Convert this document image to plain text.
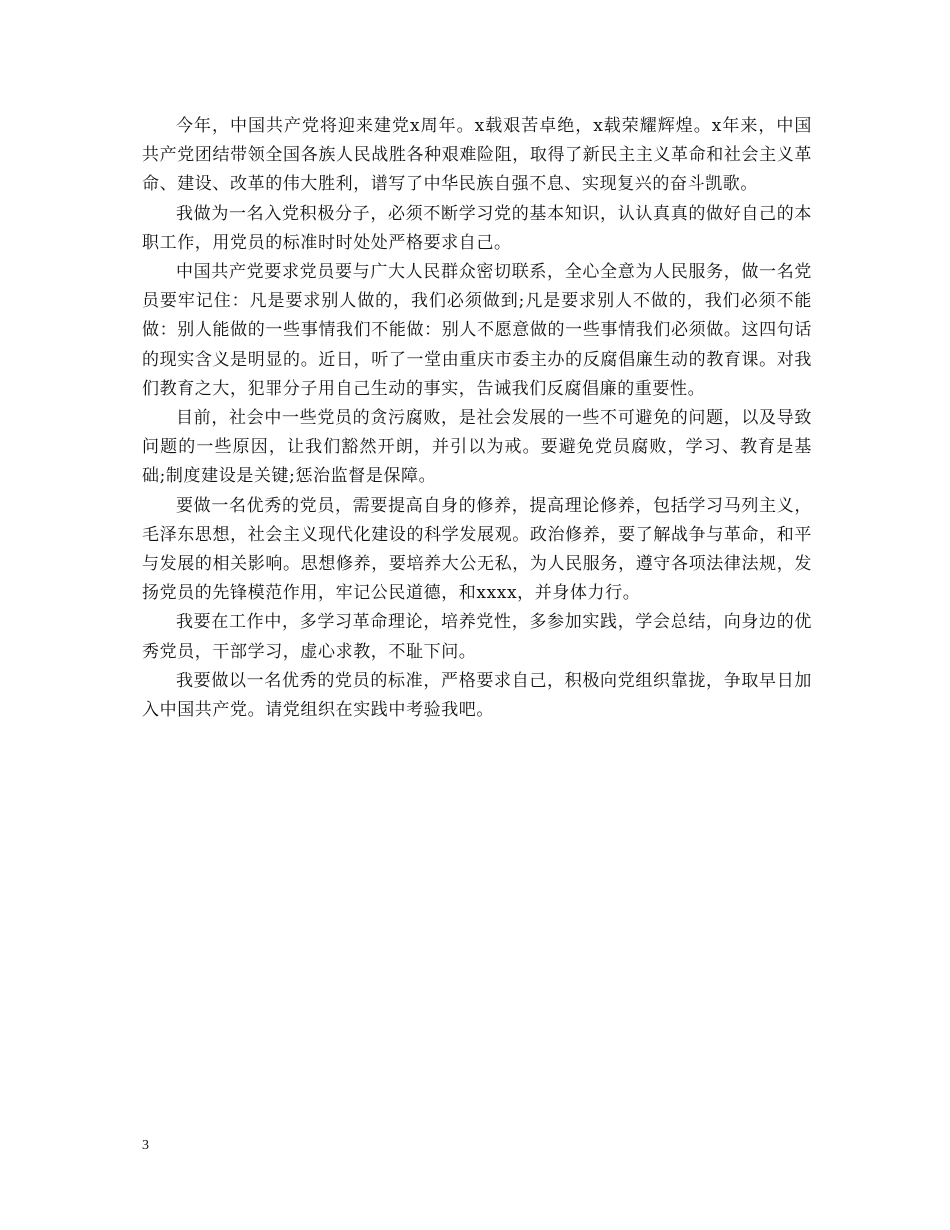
今年，中国共产党将迎来建党x周年。x载艰苦卓绝，x载荣耀辉煌。x年来，中国共产党团结带领全国各族人民战胜各种艰难险阻，取得了新民主主义革命和社会主义革命、建设、改革的伟大胜利，谱写了中华民族自强不息、实现复兴的奋斗凯歌。

我做为一名入党积极分子，必须不断学习党的基本知识，认认真真的做好自己的本职工作，用党员的标准时时处处严格要求自己。

中国共产党要求党员要与广大人民群众密切联系，全心全意为人民服务，做一名党员要牢记住：凡是要求别人做的，我们必须做到;凡是要求别人不做的，我们必须不能做：别人能做的一些事情我们不能做：别人不愿意做的一些事情我们必须做。这四句话的现实含义是明显的。近日，听了一堂由重庆市委主办的反腐倡廉生动的教育课。对我们教育之大，犯罪分子用自己生动的事实，告诫我们反腐倡廉的重要性。

目前，社会中一些党员的贪污腐败，是社会发展的一些不可避免的问题，以及导致问题的一些原因，让我们豁然开朗，并引以为戒。要避免党员腐败，学习、教育是基础;制度建设是关键;惩治监督是保障。

要做一名优秀的党员，需要提高自身的修养，提高理论修养，包括学习马列主义，毛泽东思想，社会主义现代化建设的科学发展观。政治修养，要了解战争与革命，和平与发展的相关影响。思想修养，要培养大公无私，为人民服务，遵守各项法律法规，发扬党员的先锋模范作用，牢记公民道德，和xxxx，并身体力行。

我要在工作中，多学习革命理论，培养党性，多参加实践，学会总结，向身边的优秀党员，干部学习，虚心求教，不耻下问。

我要做以一名优秀的党员的标准，严格要求自己，积极向党组织靠拢，争取早日加入中国共产党。请党组织在实践中考验我吧。

3
